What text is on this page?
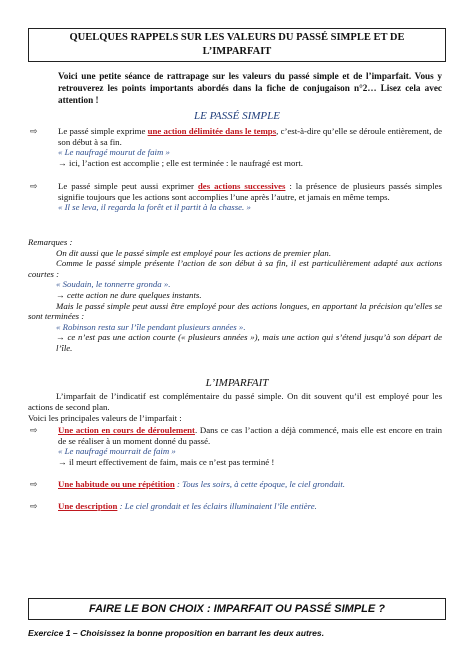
QUELQUES RAPPELS SUR LES VALEURS DU PASSÉ SIMPLE ET DE
L’IMPARFAIT
Voici une petite séance de rattrapage sur les valeurs du passé simple et de l’imparfait. Vous y retrouverez les points importants abordés dans la fiche de conjugaison n°2… Lisez cela avec attention !
LE PASSÉ SIMPLE
⇨ Le passé simple exprime une action délimitée dans le temps, c’est-à-dire qu’elle se déroule entièrement, de son début à sa fin.
« Le naufragé mourut de faim »
→ ici, l’action est accomplie ; elle est terminée : le naufragé est mort.
⇨ Le passé simple peut aussi exprimer des actions successives : la présence de plusieurs passés simples signifie toujours que les actions sont accomplies l’une après l’autre, et jamais en même temps.
« Il se leva, il regarda la forêt et il partit à la chasse. »
Remarques :
On dit aussi que le passé simple est employé pour les actions de premier plan.
Comme le passé simple présente l’action de son début à sa fin, il est particulièrement adapté aux actions courtes :
« Soudain, le tonnerre gronda ».
→ cette action ne dure quelques instants.
Mais le passé simple peut aussi être employé pour des actions longues, en apportant la précision qu’elles se sont terminées :
« Robinson resta sur l’île pendant plusieurs années ».
→ ce n’est pas une action courte (« plusieurs années »), mais une action qui s’étend jusqu’à son départ de l’île.
L’IMPARFAIT
L’imparfait de l’indicatif est complémentaire du passé simple. On dit souvent qu’il est employé pour les actions de second plan.
Voici les principales valeurs de l’imparfait :
⇨ Une action en cours de déroulement. Dans ce cas l’action a déjà commencé, mais elle est encore en train de se réaliser à un moment donné du passé.
« Le naufragé mourrait de faim »
→ il meurt effectivement de faim, mais ce n’est pas terminé !
⇨ Une habitude ou une répétition : Tous les soirs, à cette époque, le ciel grondait.
⇨ Une description : Le ciel grondait et les éclairs illuminaient l’île entière.
FAIRE LE BON CHOIX : IMPARFAIT OU PASSÉ SIMPLE ?
Exercice 1 – Choisissez la bonne proposition en barrant les deux autres.
